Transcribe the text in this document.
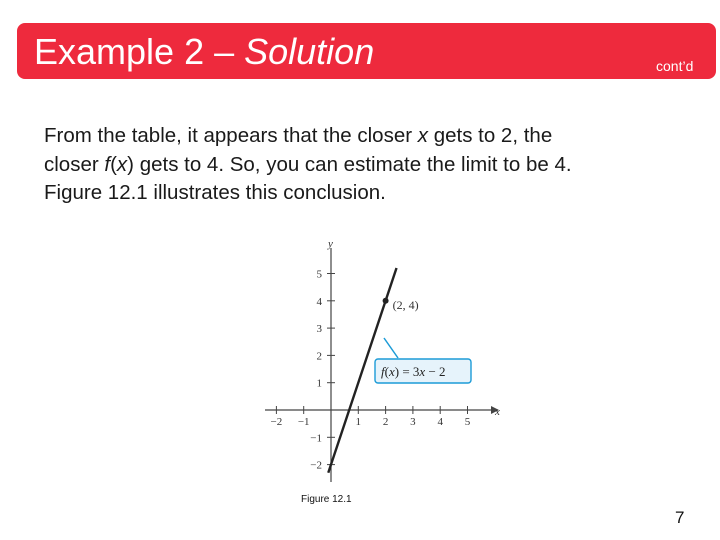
Example 2 – Solution	cont’d
From the table, it appears that the closer x gets to 2, the
closer f(x) gets to 4. So, you can estimate the limit to be 4.
Figure 12.1 illustrates this conclusion.
x
y
−2
−2
−1
−1
1
1
2
2
3
3
4
4
5
5
(2, 4)
f(x) = 3x − 2
Figure 12.1
7
